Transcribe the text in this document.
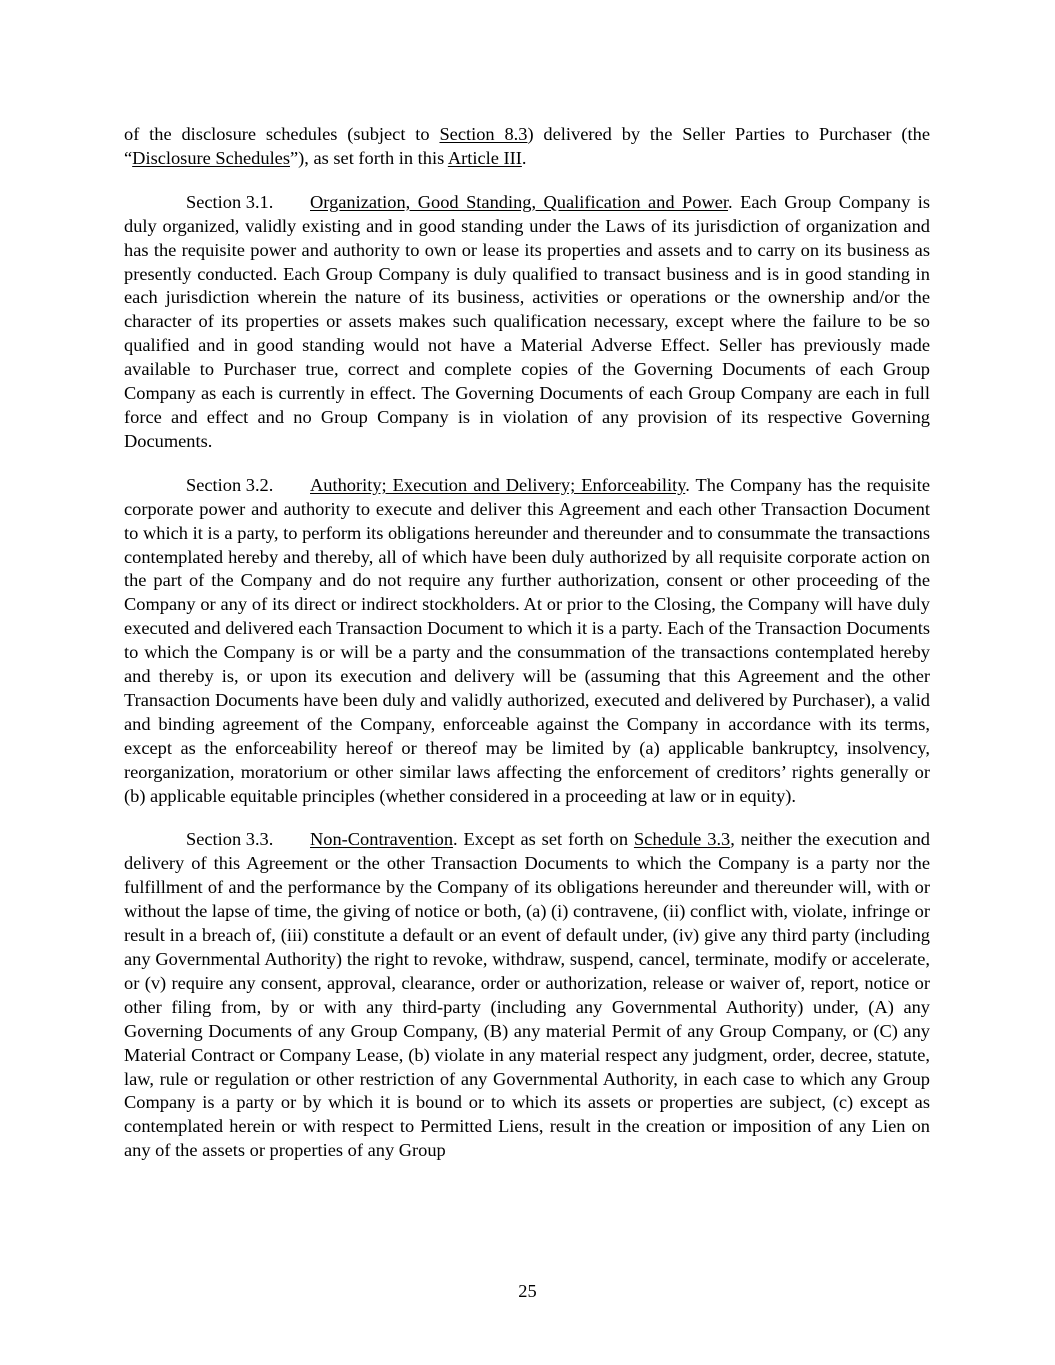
of the disclosure schedules (subject to Section 8.3) delivered by the Seller Parties to Purchaser (the “Disclosure Schedules”), as set forth in this Article III.

Section 3.1. Organization, Good Standing, Qualification and Power. Each Group Company is duly organized, validly existing and in good standing under the Laws of its jurisdiction of organization and has the requisite power and authority to own or lease its properties and assets and to carry on its business as presently conducted. Each Group Company is duly qualified to transact business and is in good standing in each jurisdiction wherein the nature of its business, activities or operations or the ownership and/or the character of its properties or assets makes such qualification necessary, except where the failure to be so qualified and in good standing would not have a Material Adverse Effect. Seller has previously made available to Purchaser true, correct and complete copies of the Governing Documents of each Group Company as each is currently in effect. The Governing Documents of each Group Company are each in full force and effect and no Group Company is in violation of any provision of its respective Governing Documents.

Section 3.2. Authority; Execution and Delivery; Enforceability. The Company has the requisite corporate power and authority to execute and deliver this Agreement and each other Transaction Document to which it is a party, to perform its obligations hereunder and thereunder and to consummate the transactions contemplated hereby and thereby, all of which have been duly authorized by all requisite corporate action on the part of the Company and do not require any further authorization, consent or other proceeding of the Company or any of its direct or indirect stockholders. At or prior to the Closing, the Company will have duly executed and delivered each Transaction Document to which it is a party. Each of the Transaction Documents to which the Company is or will be a party and the consummation of the transactions contemplated hereby and thereby is, or upon its execution and delivery will be (assuming that this Agreement and the other Transaction Documents have been duly and validly authorized, executed and delivered by Purchaser), a valid and binding agreement of the Company, enforceable against the Company in accordance with its terms, except as the enforceability hereof or thereof may be limited by (a) applicable bankruptcy, insolvency, reorganization, moratorium or other similar laws affecting the enforcement of creditors’ rights generally or (b) applicable equitable principles (whether considered in a proceeding at law or in equity).

Section 3.3. Non-Contravention. Except as set forth on Schedule 3.3, neither the execution and delivery of this Agreement or the other Transaction Documents to which the Company is a party nor the fulfillment of and the performance by the Company of its obligations hereunder and thereunder will, with or without the lapse of time, the giving of notice or both, (a) (i) contravene, (ii) conflict with, violate, infringe or result in a breach of, (iii) constitute a default or an event of default under, (iv) give any third party (including any Governmental Authority) the right to revoke, withdraw, suspend, cancel, terminate, modify or accelerate, or (v) require any consent, approval, clearance, order or authorization, release or waiver of, report, notice or other filing from, by or with any third-party (including any Governmental Authority) under, (A) any Governing Documents of any Group Company, (B) any material Permit of any Group Company, or (C) any Material Contract or Company Lease, (b) violate in any material respect any judgment, order, decree, statute, law, rule or regulation or other restriction of any Governmental Authority, in each case to which any Group Company is a party or by which it is bound or to which its assets or properties are subject, (c) except as contemplated herein or with respect to Permitted Liens, result in the creation or imposition of any Lien on any of the assets or properties of any Group

25
